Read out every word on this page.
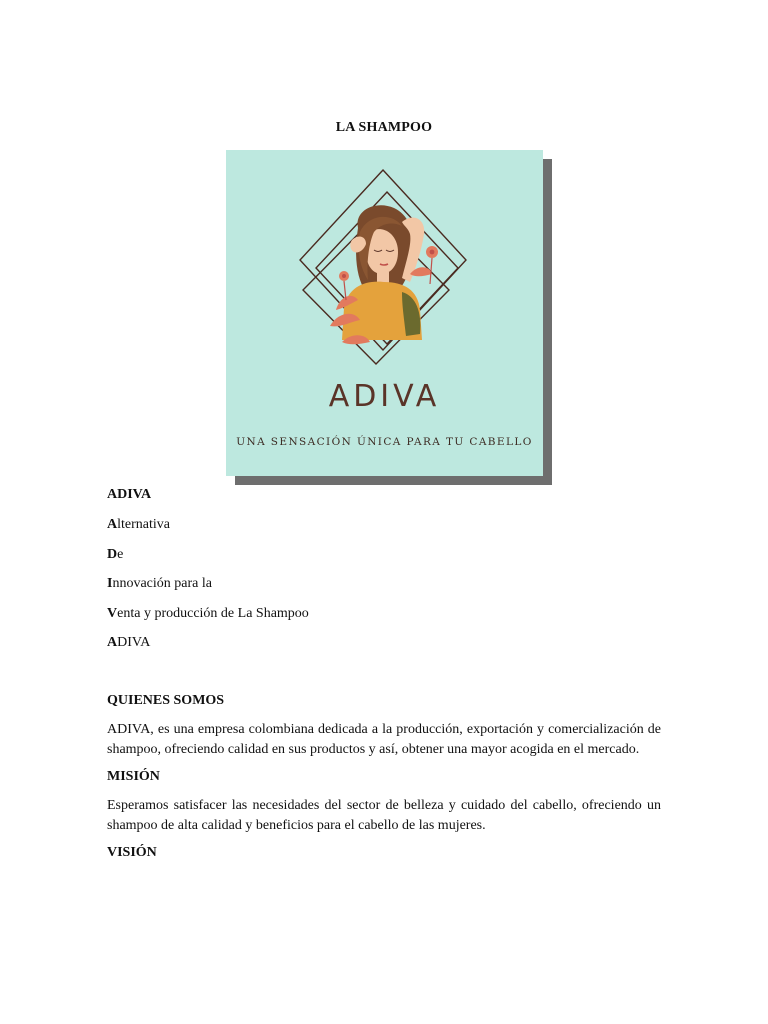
LA SHAMPOO
ADIVA
UNA SENSACIÓN ÚNICA PARA TU CABELLO
ADIVA
Alternativa
De
Innovación para la
Venta y producción de La Shampoo
ADIVA
QUIENES SOMOS
ADIVA, es una empresa colombiana dedicada a la producción, exportación y comercialización de shampoo, ofreciendo calidad en sus productos y así, obtener una mayor acogida en el mercado.
MISIÓN
Esperamos satisfacer las necesidades del sector de belleza y cuidado del cabello, ofreciendo un shampoo de alta calidad y beneficios para el cabello de las mujeres.
VISIÓN
